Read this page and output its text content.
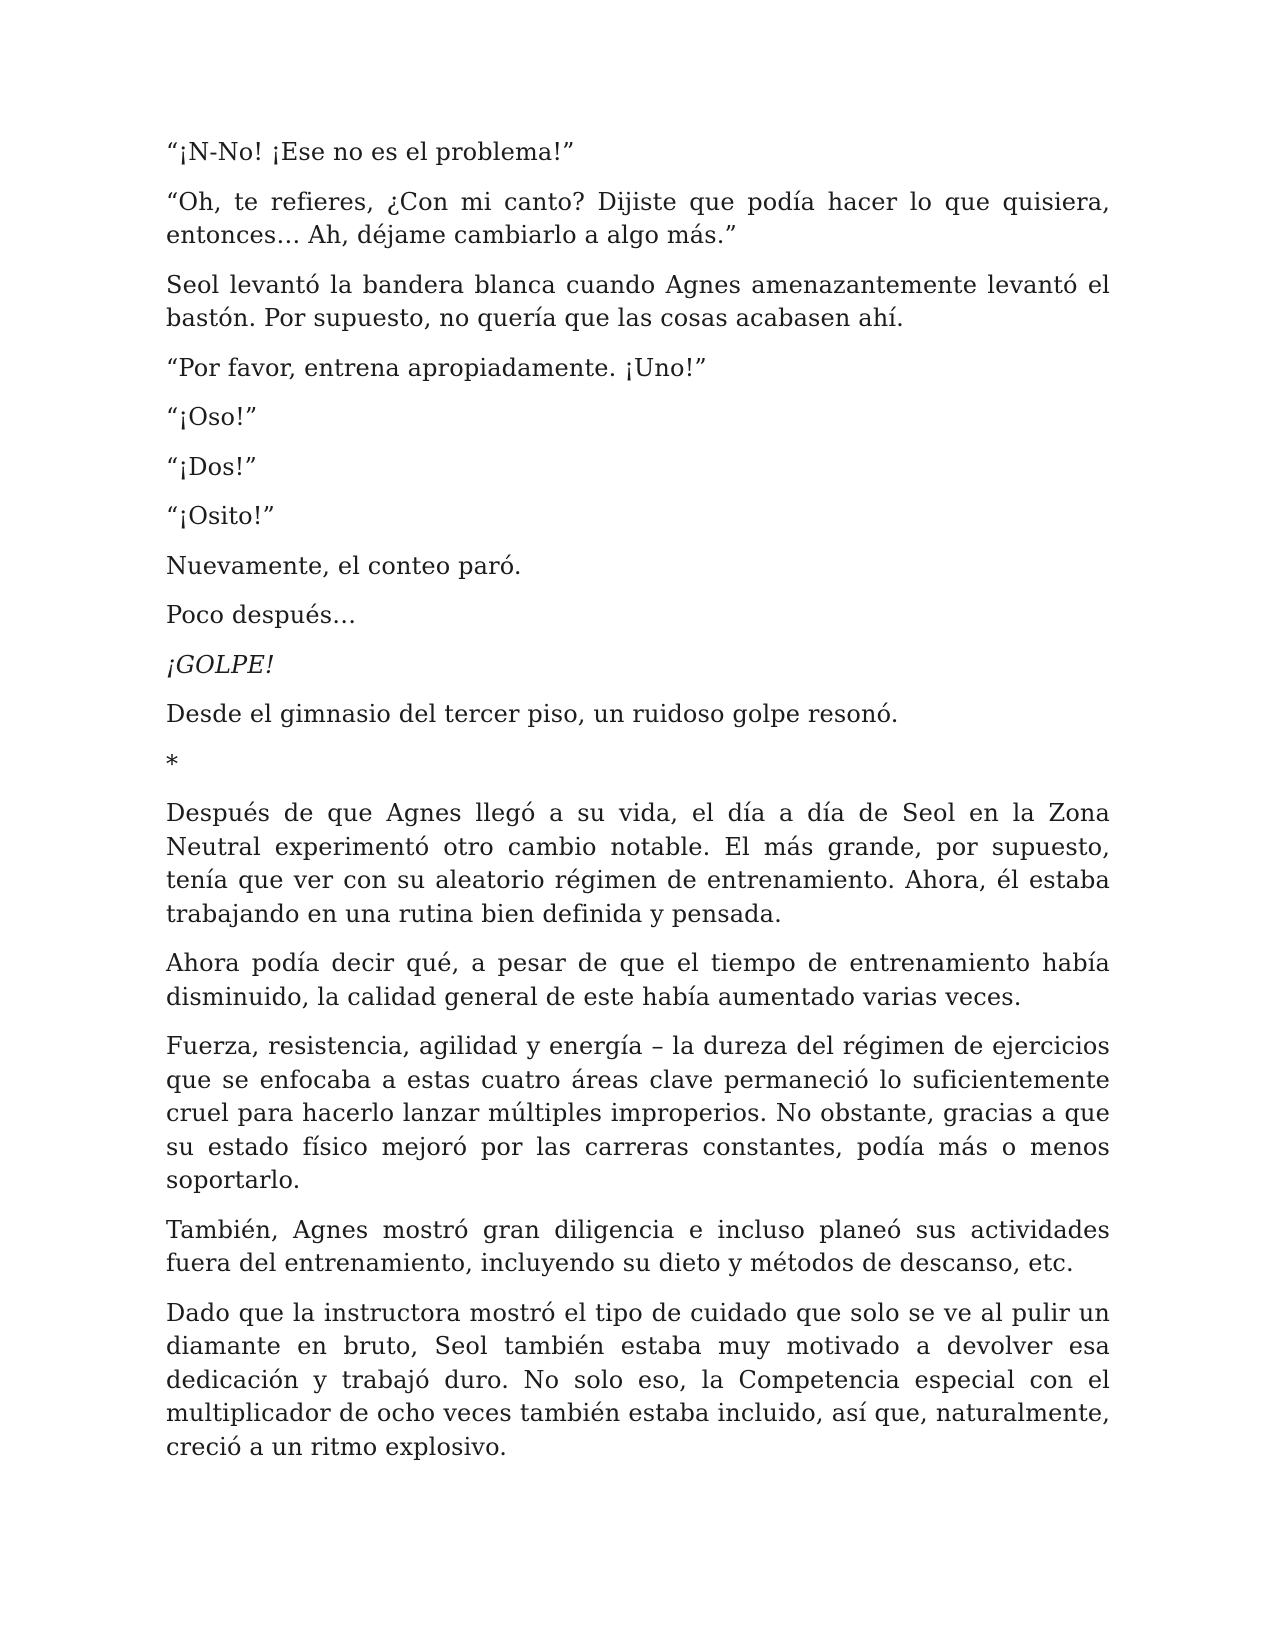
“¡N-No! ¡Ese no es el problema!”

“Oh, te refieres, ¿Con mi canto? Dijiste que podía hacer lo que quisiera, entonces… Ah, déjame cambiarlo a algo más.”

Seol levantó la bandera blanca cuando Agnes amenazantemente levantó el bastón. Por supuesto, no quería que las cosas acabasen ahí.

“Por favor, entrena apropiadamente. ¡Uno!”

“¡Oso!”

“¡Dos!”

“¡Osito!”

Nuevamente, el conteo paró.

Poco después…

¡GOLPE!

Desde el gimnasio del tercer piso, un ruidoso golpe resonó.

*

Después de que Agnes llegó a su vida, el día a día de Seol en la Zona Neutral experimentó otro cambio notable. El más grande, por supuesto, tenía que ver con su aleatorio régimen de entrenamiento. Ahora, él estaba trabajando en una rutina bien definida y pensada.

Ahora podía decir qué, a pesar de que el tiempo de entrenamiento había disminuido, la calidad general de este había aumentado varias veces.

Fuerza, resistencia, agilidad y energía – la dureza del régimen de ejercicios que se enfocaba a estas cuatro áreas clave permaneció lo suficientemente cruel para hacerlo lanzar múltiples improperios. No obstante, gracias a que su estado físico mejoró por las carreras constantes, podía más o menos soportarlo.

También, Agnes mostró gran diligencia e incluso planeó sus actividades fuera del entrenamiento, incluyendo su dieto y métodos de descanso, etc.

Dado que la instructora mostró el tipo de cuidado que solo se ve al pulir un diamante en bruto, Seol también estaba muy motivado a devolver esa dedicación y trabajó duro. No solo eso, la Competencia especial con el multiplicador de ocho veces también estaba incluido, así que, naturalmente, creció a un ritmo explosivo.
